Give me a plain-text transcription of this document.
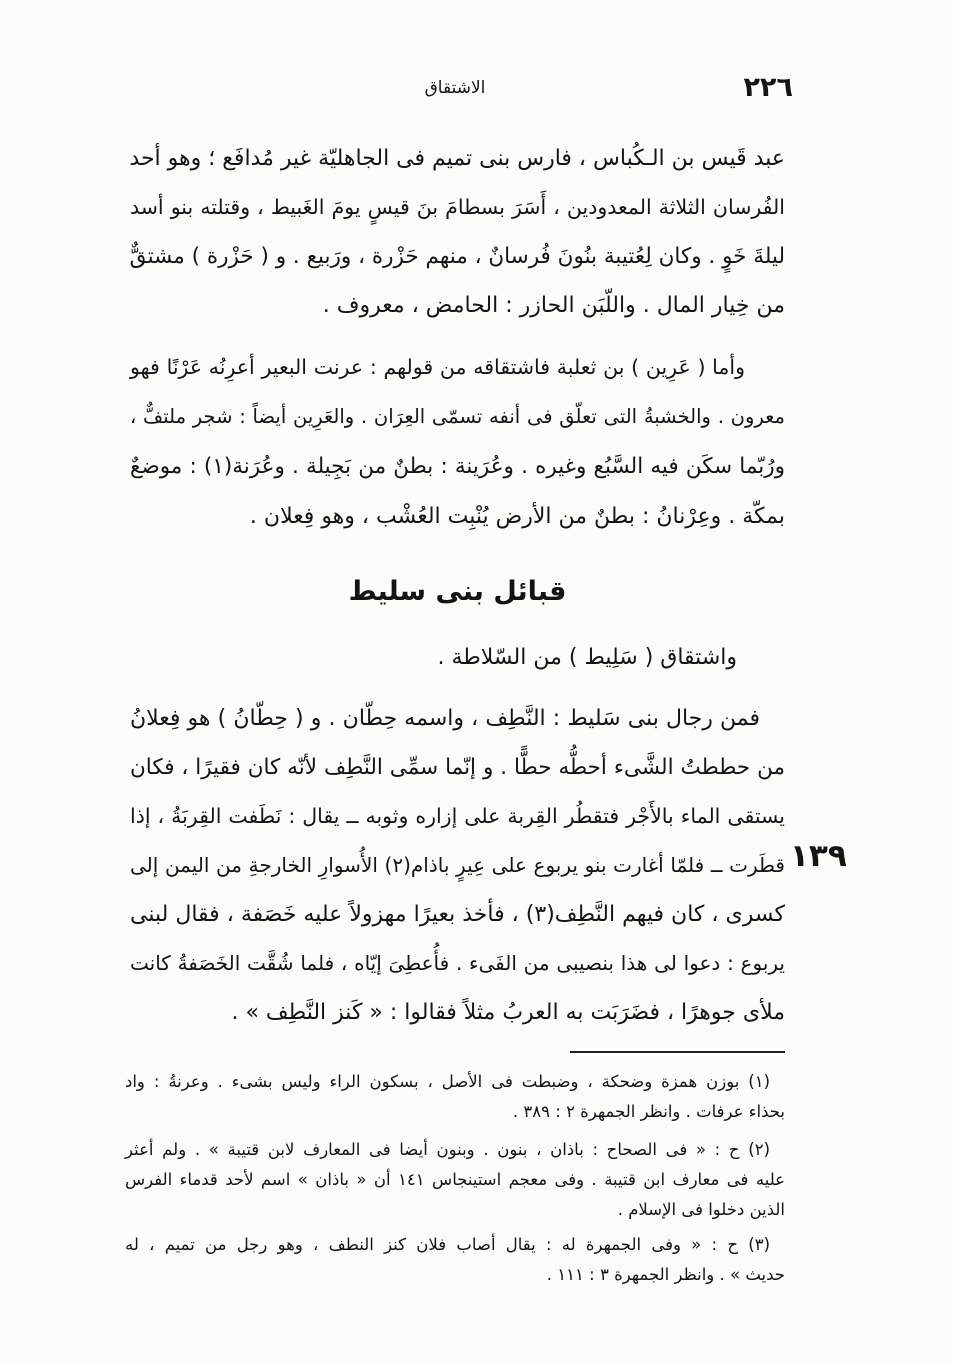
٢٢٦
الاشتقاق
عبد قَيس بن الـكُباس ، فارس بنى تميم فى الجاهليّة غير مُدافَع ؛ وهو أحد
الفُرسان الثلاثة المعدودين ، أَسَرَ بسطامَ بنَ قيسٍ يومَ الغَبيط ، وقتلته بنو أسد
ليلةَ خَوٍ . وكان لِعُتيبة بنُونَ فُرسانٌ ، منهم حَزْرة ، ورَبيع . و ( حَزْرة ) مشتقٌّ
من خِيار المال . واللّبَن الحازر : الحامض ، معروف .
وأما ( عَرِين ) بن ثعلبة فاشتقاقه من قولهم : عرنت البعير أعرِنُه عَرْنًا فهو
معرون . والخشبةُ التى تعلّق فى أنفه تسمّى العِرَان . والعَرِين أيضاً : شجر ملتفٌّ ،
ورُبّما سكَن فيه السَّبُع وغيره . وعُرَينة : بطنٌ من بَجِيلة . وعُرَنة(١) : موضعٌ
بمكّة . وعِرْنانُ : بطنٌ من الأرض يُنْبِت العُشْب ، وهو فِعلان .
قبائل بنى سليط
واشتقاق ( سَلِيط ) من السّلاطة .
فمن رجال بنى سَليط : النَّطِف ، واسمه حِطّان . و ( حِطّانُ ) هو فِعلانُ
من حططتُ الشَّىء أحطُّه حطًّا . و إنّما سمِّى النَّطِف لأنّه كان فقيرًا ، فكان
يستقى الماء بالأَجْر فتقطُر القِربة على إزاره وثوبه ــ يقال : نَطَفت القِربَةُ ، إذا
قطَرت ــ فلمّا أغارت بنو يربوع على عِيرٍ باذام(٢) الأُسوارِ الخارجةِ من اليمن إلى
كسرى ، كان فيهم النَّطِف(٣) ، فأخذ بعيرًا مهزولاً عليه خَصَفة ، فقال لبنى
يربوع : دعوا لى هذا بنصيبى من الفَىء . فأُعطِىَ إيّاه ، فلما شُقَّت الخَصَفةُ كانت
ملأى جوهرًا ، فضَرَبَت به العربُ مثلاً فقالوا : « كَنز النَّطِف » .
١٣٩
(١) بوزن همزة وضحكة ، وضبطت فى الأصل ، بسكون الراء وليس بشىء . وعرنةُ : واد
بحذاء عرفات . وانظر الجمهرة ٢ : ٣٨٩ .
(٢) ح : « فى الصحاح : باذان ، بنون . وبنون أيضا فى المعارف لابن قتيبة » . ولم أعثر
عليه فى معارف ابن قتيبة . وفى معجم استينجاس ١٤١ أن « باذان » اسم لأحد قدماء الفرس
الذين دخلوا فى الإسلام .
(٣) ح : « وفى الجمهرة له : يقال أصاب فلان كنز النطف ، وهو رجل من تميم ، له
حديث » . وانظر الجمهرة ٣ : ١١١ .
